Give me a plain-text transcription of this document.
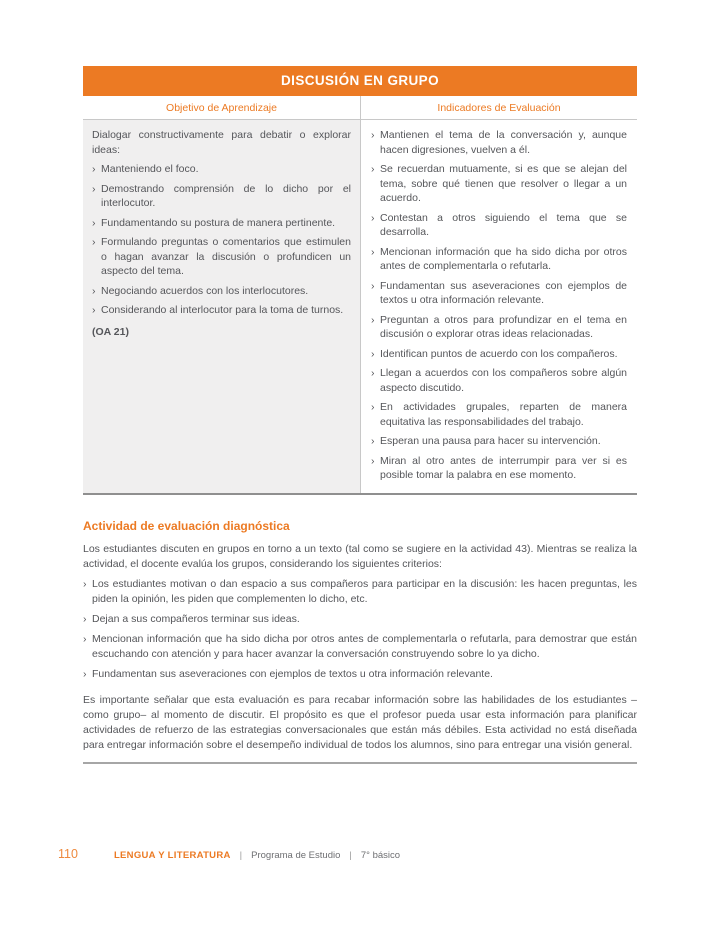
DISCUSIÓN EN GRUPO
Objetivo de Aprendizaje	Indicadores de Evaluación

Dialogar constructivamente para debatir o explorar ideas:

› Manteniendo el foco.
› Demostrando comprensión de lo dicho por el interlocutor.
› Fundamentando su postura de manera pertinente.
› Formulando preguntas o comentarios que estimulen o hagan avanzar la discusión o profundicen un aspecto del tema.
› Negociando acuerdos con los interlocutores.
› Considerando al interlocutor para la toma de turnos.
(OA 21)
› Mantienen el tema de la conversación y, aunque hacen digresiones, vuelven a él.
› Se recuerdan mutuamente, si es que se alejan del tema, sobre qué tienen que resolver o llegar a un acuerdo.
› Contestan a otros siguiendo el tema que se desarrolla.
› Mencionan información que ha sido dicha por otros antes de complementarla o refutarla.
› Fundamentan sus aseveraciones con ejemplos de textos u otra información relevante.
› Preguntan a otros para profundizar en el tema en discusión o explorar otras ideas relacionadas.
› Identifican puntos de acuerdo con los compañeros.
› Llegan a acuerdos con los compañeros sobre algún aspecto discutido.
› En actividades grupales, reparten de manera equitativa las responsabilidades del trabajo.
› Esperan una pausa para hacer su intervención.
› Miran al otro antes de interrumpir para ver si es posible tomar la palabra en ese momento.
Actividad de evaluación diagnóstica

Los estudiantes discuten en grupos en torno a un texto (tal como se sugiere en la actividad 43). Mientras se realiza la actividad, el docente evalúa los grupos, considerando los siguientes criterios:

› Los estudiantes motivan o dan espacio a sus compañeros para participar en la discusión: les hacen preguntas, les piden la opinión, les piden que complementen lo dicho, etc.
› Dejan a sus compañeros terminar sus ideas.
› Mencionan información que ha sido dicha por otros antes de complementarla o refutarla, para demostrar que están escuchando con atención y para hacer avanzar la conversación construyendo sobre lo ya dicho.
› Fundamentan sus aseveraciones con ejemplos de textos u otra información relevante.

Es importante señalar que esta evaluación es para recabar información sobre las habilidades de los estudiantes –como grupo– al momento de discutir. El propósito es que el profesor pueda usar esta información para planificar actividades de refuerzo de las estrategias conversacionales que están más débiles. Esta actividad no está diseñada para entregar información sobre el desempeño individual de todos los alumnos, sino para entregar una visión general.

110	LENGUA Y LITERATURA | Programa de Estudio | 7° básico
